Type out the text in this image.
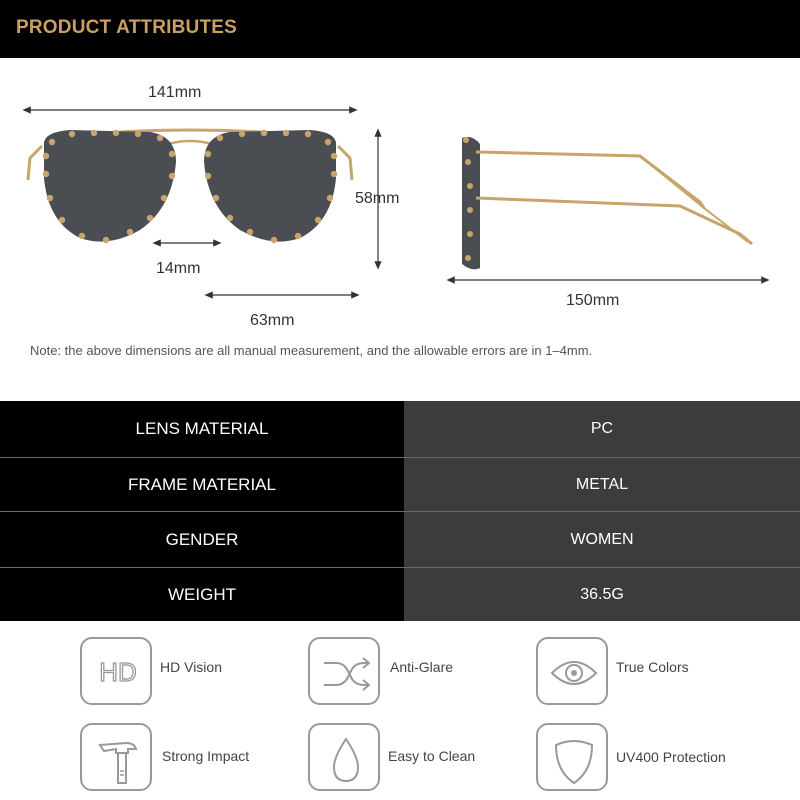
PRODUCT ATTRIBUTES
141mm
58mm
14mm
63mm
150mm
Note: the above dimensions are all manual measurement, and the allowable errors are in 1–4mm.
LENS MATERIAL	PC
FRAME MATERIAL	METAL
GENDER	WOMEN
WEIGHT	36.5G
HD HD Vision	Anti-Glare	True Colors
Strong Impact	Easy to Clean	UV400 Protection
